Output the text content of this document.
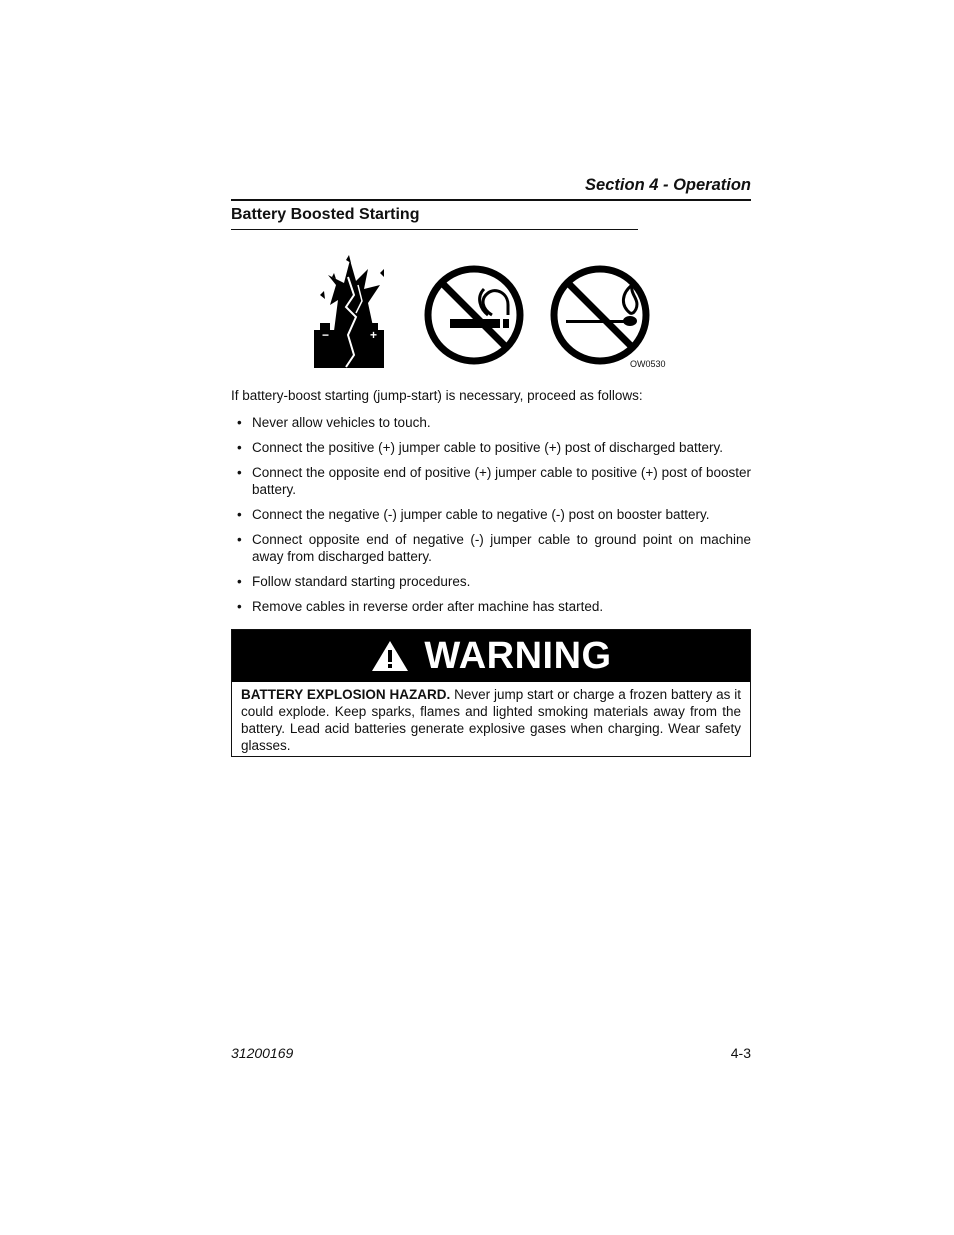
Section 4 - Operation
Battery Boosted Starting
−	+
OW0530
If battery-boost starting (jump-start) is necessary, proceed as follows:
• Never allow vehicles to touch.
• Connect the positive (+) jumper cable to positive (+) post of discharged battery.
• Connect the opposite end of positive (+) jumper cable to positive (+) post of booster battery.
• Connect the negative (-) jumper cable to negative (-) post on booster battery.
• Connect opposite end of negative (-) jumper cable to ground point on machine away from discharged battery.
• Follow standard starting procedures.
• Remove cables in reverse order after machine has started.
WARNING
BATTERY EXPLOSION HAZARD. Never jump start or charge a frozen battery as it could explode. Keep sparks, flames and lighted smoking materials away from the battery. Lead acid batteries generate explosive gases when charging. Wear safety glasses.
31200169	4-3
